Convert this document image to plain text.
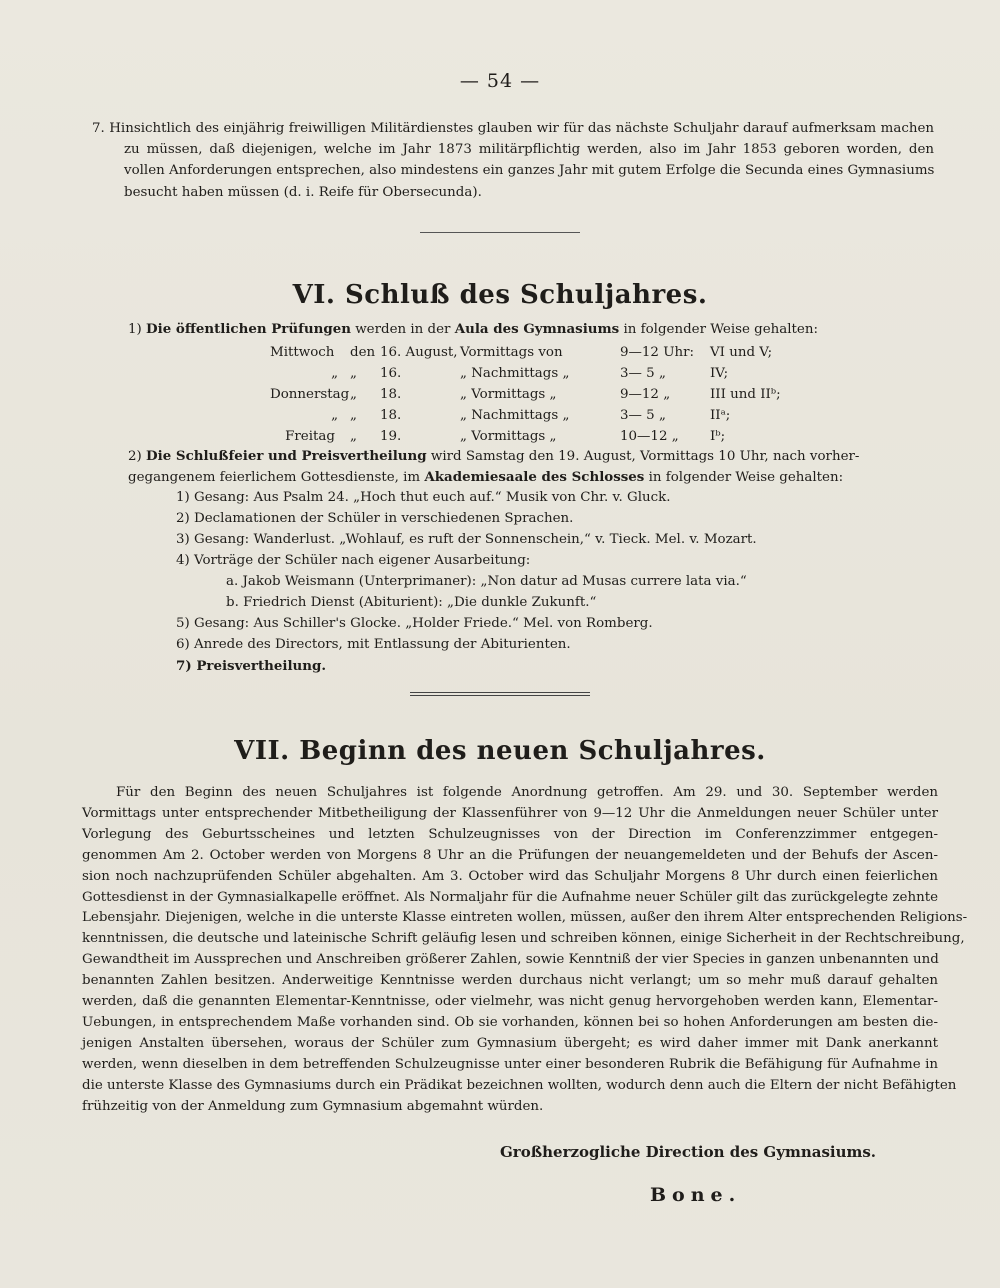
— 54 —
7. Hinsichtlich des einjährig freiwilligen Militärdienstes glauben wir für das nächste Schuljahr darauf aufmerksam machen
zu müssen, daß diejenigen, welche im Jahr 1873 militärpflichtig werden, also im Jahr 1853 geboren worden, den
vollen Anforderungen entsprechen, also mindestens ein ganzes Jahr mit gutem Erfolge die Secunda eines Gymnasiums
besucht haben müssen (d. i. Reife für Obersecunda).
VI. Schluß des Schuljahres.
1) Die öffentlichen Prüfungen werden in der Aula des Gymnasiums in folgender Weise gehalten:
Mittwoch	den	16. August,	Vormittags von	9—12 Uhr:	VI und V;
„	„	16.	„ Nachmittags „	3— 5 „	IV;
Donnerstag	„	18.	„ Vormittags „	9—12 „	III und IIᵇ;
„	„	18.	„ Nachmittags „	3— 5 „	IIᵃ;
Freitag	„	19.	„ Vormittags „	10—12 „	Iᵇ;
2) Die Schlußfeier und Preisvertheilung wird Samstag den 19. August, Vormittags 10 Uhr, nach vorher-
gegangenem feierlichem Gottesdienste, im Akademiesaale des Schlosses in folgender Weise gehalten:
1) Gesang: Aus Psalm 24. „Hoch thut euch auf.“ Musik von Chr. v. Gluck.
2) Declamationen der Schüler in verschiedenen Sprachen.
3) Gesang: Wanderlust. „Wohlauf, es ruft der Sonnenschein,“ v. Tieck. Mel. v. Mozart.
4) Vorträge der Schüler nach eigener Ausarbeitung:
a. Jakob Weismann (Unterprimaner): „Non datur ad Musas currere lata via.“
b. Friedrich Dienst (Abiturient): „Die dunkle Zukunft.“
5) Gesang: Aus Schiller's Glocke. „Holder Friede.“ Mel. von Romberg.
6) Anrede des Directors, mit Entlassung der Abiturienten.
7) Preisvertheilung.
VII. Beginn des neuen Schuljahres.
Für den Beginn des neuen Schuljahres ist folgende Anordnung getroffen. Am 29. und 30. September werden
Vormittags unter entsprechender Mitbetheiligung der Klassenführer von 9—12 Uhr die Anmeldungen neuer Schüler unter
Vorlegung des Geburtsscheines und letzten Schulzeugnisses von der Direction im Conferenzzimmer entgegen-
genommen Am 2. October werden von Morgens 8 Uhr an die Prüfungen der neuangemeldeten und der Behufs der Ascen-
sion noch nachzuprüfenden Schüler abgehalten. Am 3. October wird das Schuljahr Morgens 8 Uhr durch einen feierlichen
Gottesdienst in der Gymnasialkapelle eröffnet. Als Normaljahr für die Aufnahme neuer Schüler gilt das zurückgelegte zehnte
Lebensjahr. Diejenigen, welche in die unterste Klasse eintreten wollen, müssen, außer den ihrem Alter entsprechenden Religions-
kenntnissen, die deutsche und lateinische Schrift geläufig lesen und schreiben können, einige Sicherheit in der Rechtschreibung,
Gewandtheit im Aussprechen und Anschreiben größerer Zahlen, sowie Kenntniß der vier Species in ganzen unbenannten und
benannten Zahlen besitzen. Anderweitige Kenntnisse werden durchaus nicht verlangt; um so mehr muß darauf gehalten
werden, daß die genannten Elementar-Kenntnisse, oder vielmehr, was nicht genug hervorgehoben werden kann, Elementar-
Uebungen, in entsprechendem Maße vorhanden sind. Ob sie vorhanden, können bei so hohen Anforderungen am besten die-
jenigen Anstalten übersehen, woraus der Schüler zum Gymnasium übergeht; es wird daher immer mit Dank anerkannt
werden, wenn dieselben in dem betreffenden Schulzeugnisse unter einer besonderen Rubrik die Befähigung für Aufnahme in
die unterste Klasse des Gymnasiums durch ein Prädikat bezeichnen wollten, wodurch denn auch die Eltern der nicht Befähigten
frühzeitig von der Anmeldung zum Gymnasium abgemahnt würden.
Großherzogliche Direction des Gymnasiums.
Bone.
